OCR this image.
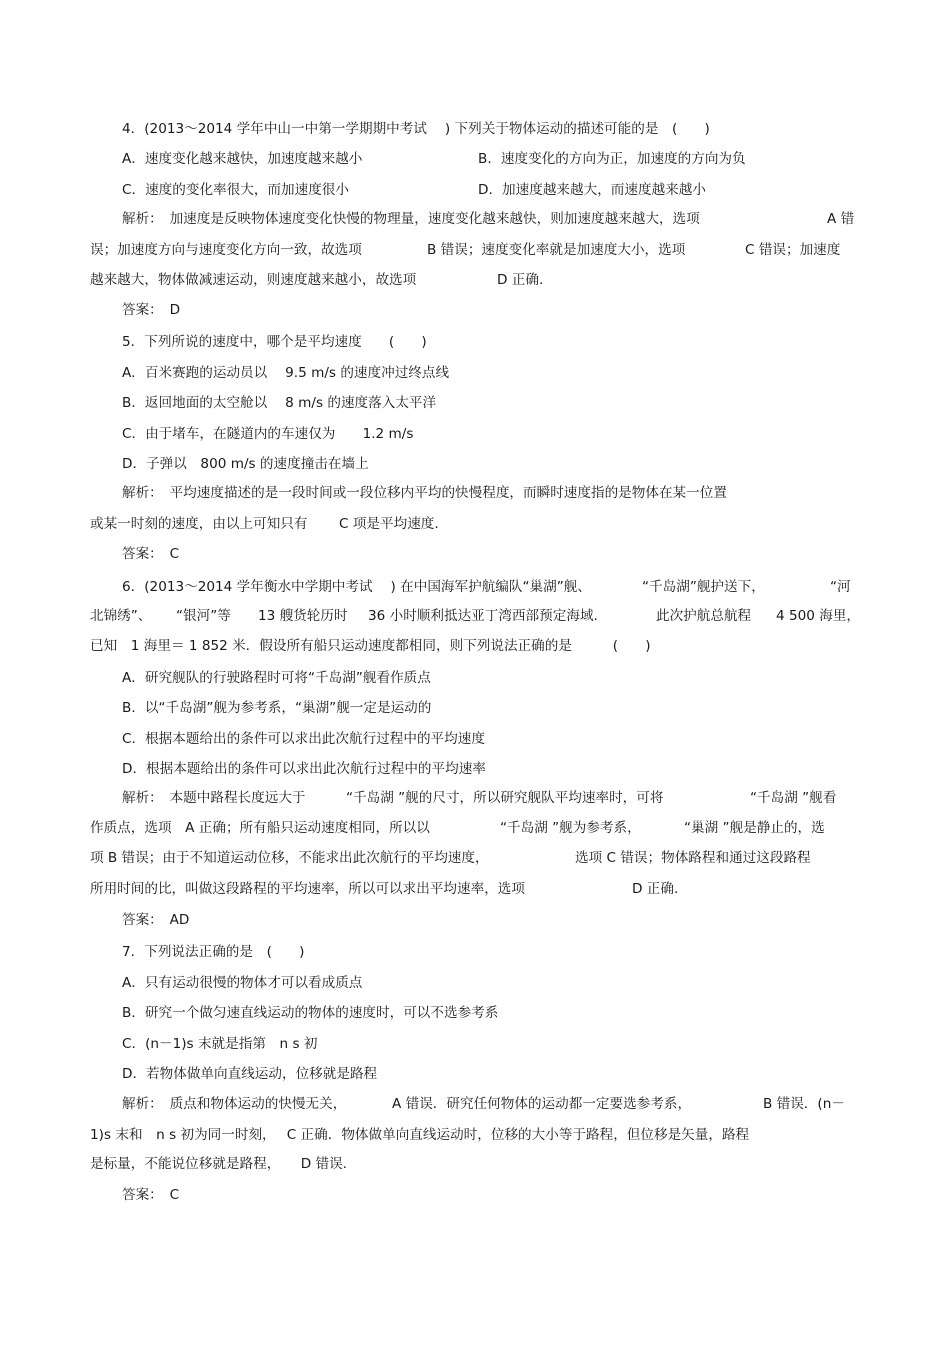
4．(2013～2014 学年中山一中第一学期期中考试　 ) 下列关于物体运动的描述可能的是　(　　)
A．速度变化越来越快，加速度越来越小	B．速度变化的方向为正，加速度的方向为负
C．速度的变化率很大，而加速度很小	D．加速度越来越大，而速度越来越小
解析：　加速度是反映物体速度变化快慢的物理量，速度变化越来越快，则加速度越来越大，选项	A 错
误；加速度方向与速度变化方向一致，故选项	B 错误；速度变化率就是加速度大小，选项	C 错误；加速度
越来越大，物体做减速运动，则速度越来越小，故选项	D 正确.
答案：　D
5．下列所说的速度中，哪个是平均速度　　(　　)
A．百米赛跑的运动员以　 9.5 m/s 的速度冲过终点线
B．返回地面的太空舱以　 8 m/s 的速度落入太平洋
C．由于堵车，在隧道内的车速仅为　　1.2 m/s
D．子弹以　800 m/s 的速度撞击在墙上
解析：　平均速度描述的是一段时间或一段位移内平均的快慢程度，而瞬时速度指的是物体在某一位置
或某一时刻的速度，由以上可知只有　　 C 项是平均速度.
答案：　C
6．(2013～2014 学年衡水中学期中考试　 ) 在中国海军护航编队“巢湖”舰、	“千岛湖”舰护送下，	“河
北锦绣”、 “银河”等 13 艘货轮历时 36 小时顺利抵达亚丁湾西部预定海域.	此次护航总航程 4 500 海里，
已知　1 海里＝ 1 852 米．假设所有船只运动速度都相同，则下列说法正确的是　　　(　　)
A．研究舰队的行驶路程时可将“千岛湖”舰看作质点
B．以“千岛湖”舰为参考系，“巢湖”舰一定是运动的
C．根据本题给出的条件可以求出此次航行过程中的平均速度
D．根据本题给出的条件可以求出此次航行过程中的平均速率
解析：　本题中路程长度远大于	“千岛湖 ”舰的尺寸，所以研究舰队平均速率时，可将	“千岛湖 ”舰看
作质点，选项　A 正确；所有船只运动速度相同，所以以	“千岛湖 ”舰为参考系，	“巢湖 ”舰是静止的，选
项 B 错误；由于不知道运动位移，不能求出此次航行的平均速度，	选项 C 错误；物体路程和通过这段路程
所用时间的比，叫做这段路程的平均速率，所以可以求出平均速率，选项	D 正确.
答案：　AD
7．下列说法正确的是　(　　)
A．只有运动很慢的物体才可以看成质点
B．研究一个做匀速直线运动的物体的速度时，可以不选参考系
C．(n－1)s 末就是指第　n s 初
D．若物体做单向直线运动，位移就是路程
解析：　质点和物体运动的快慢无关，	A 错误．研究任何物体的运动都一定要选参考系，	B 错误．(n－
1)s 末和　n s 初为同一时刻，　 C 正确．物体做单向直线运动时，位移的大小等于路程，但位移是矢量，路程
是标量，不能说位移就是路程，　　D 错误.
答案：　C
